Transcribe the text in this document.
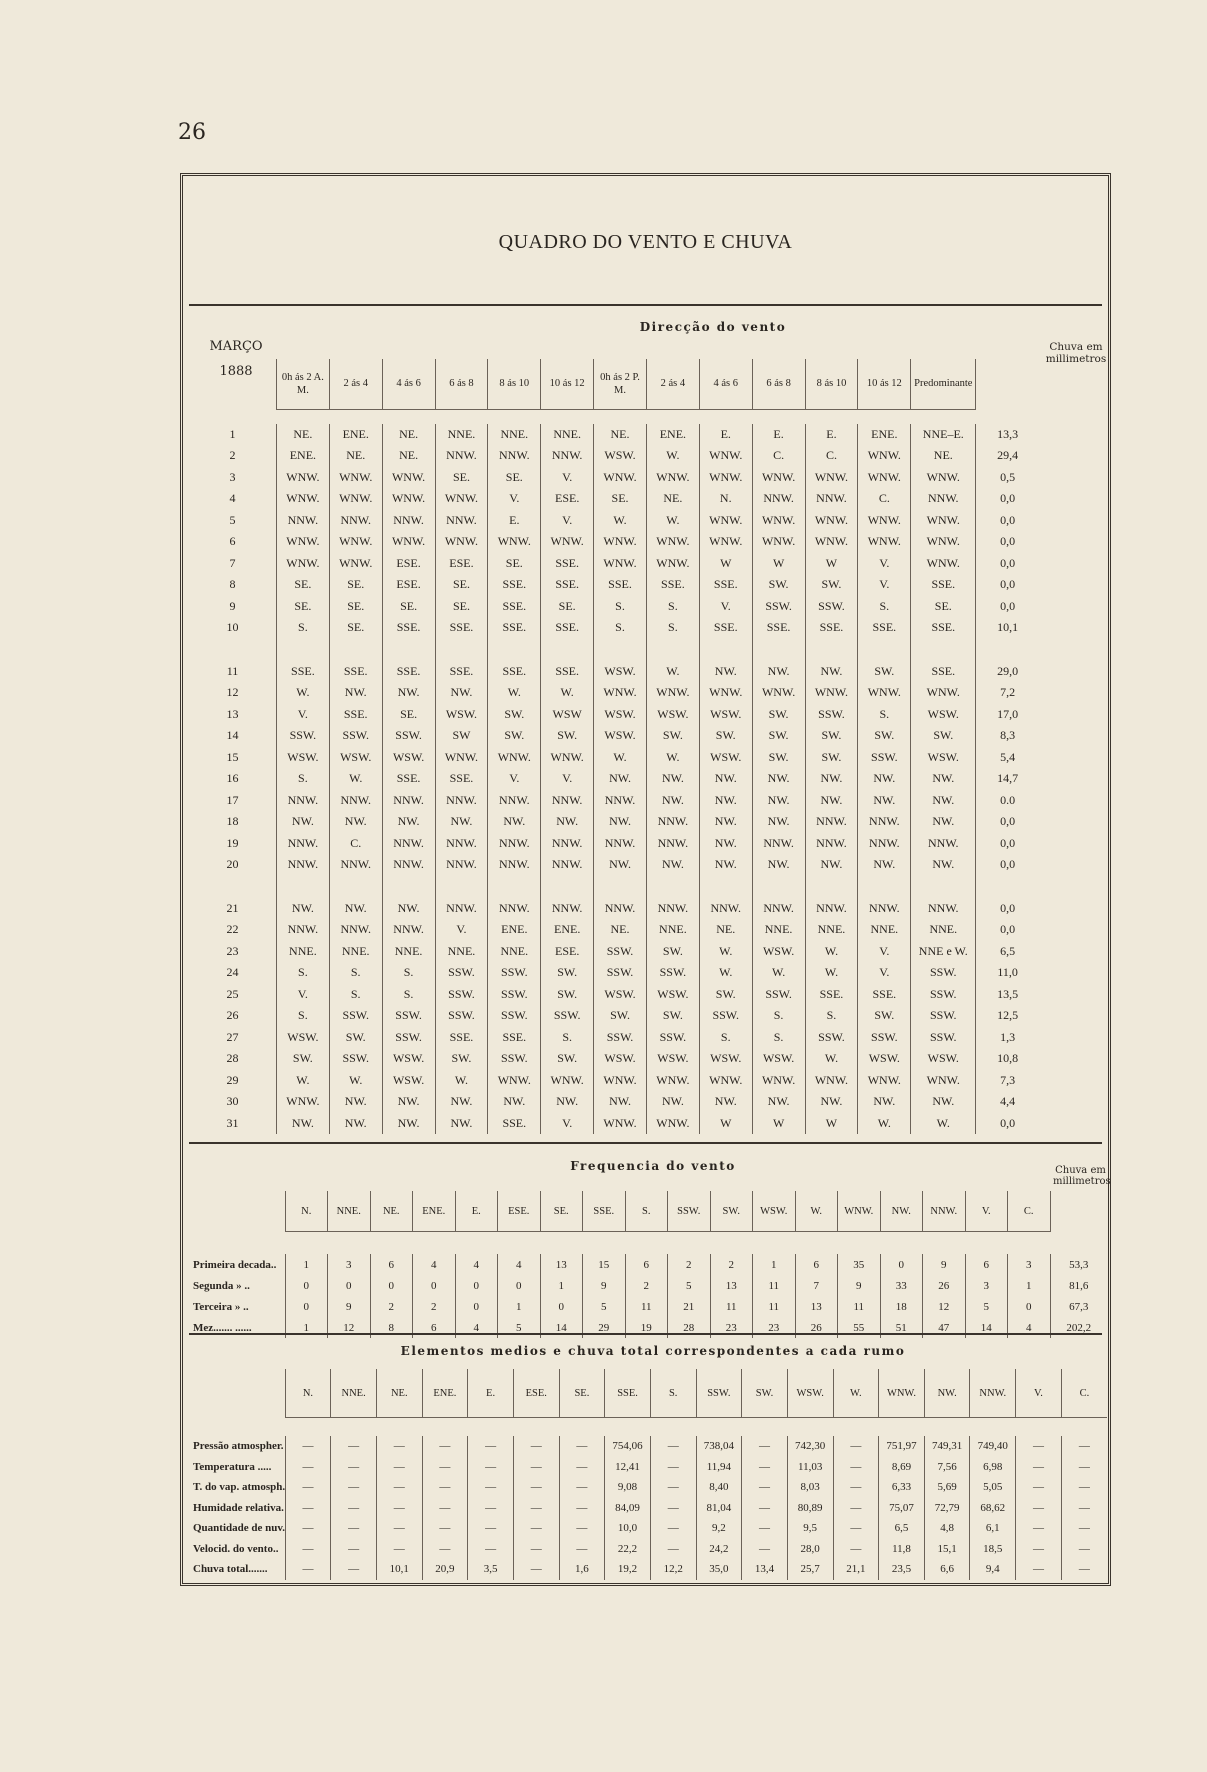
26
QUADRO DO VENTO E CHUVA
Direcção do vento
MARÇO
1888
Chuva em millimetros
	0h ás 2 A. M.	2 ás 4	4 ás 6	6 ás 8	8 ás 10	10 ás 12	0h ás 2 P. M.	2 ás 4	4 ás 6	6 ás 8	8 ás 10	10 ás 12	Predominante	

1	NE.	ENE.	NE.	NNE.	NNE.	NNE.	NE.	ENE.	E.	E.	E.	ENE.	NNE–E.	13,3
2	ENE.	NE.	NE.	NNW.	NNW.	NNW.	WSW.	W.	WNW.	C.	C.	WNW.	NE.	29,4
3	WNW.	WNW.	WNW.	SE.	SE.	V.	WNW.	WNW.	WNW.	WNW.	WNW.	WNW.	WNW.	0,5
4	WNW.	WNW.	WNW.	WNW.	V.	ESE.	SE.	NE.	N.	NNW.	NNW.	C.	NNW.	0,0
5	NNW.	NNW.	NNW.	NNW.	E.	V.	W.	W.	WNW.	WNW.	WNW.	WNW.	WNW.	0,0
6	WNW.	WNW.	WNW.	WNW.	WNW.	WNW.	WNW.	WNW.	WNW.	WNW.	WNW.	WNW.	WNW.	0,0
7	WNW.	WNW.	ESE.	ESE.	SE.	SSE.	WNW.	WNW.	W	W	W	V.	WNW.	0,0
8	SE.	SE.	ESE.	SE.	SSE.	SSE.	SSE.	SSE.	SSE.	SW.	SW.	V.	SSE.	0,0
9	SE.	SE.	SE.	SE.	SSE.	SE.	S.	S.	V.	SSW.	SSW.	S.	SE.	0,0
10	S.	SE.	SSE.	SSE.	SSE.	SSE.	S.	S.	SSE.	SSE.	SSE.	SSE.	SSE.	10,1

11	SSE.	SSE.	SSE.	SSE.	SSE.	SSE.	WSW.	W.	NW.	NW.	NW.	SW.	SSE.	29,0
12	W.	NW.	NW.	NW.	W.	W.	WNW.	WNW.	WNW.	WNW.	WNW.	WNW.	WNW.	7,2
13	V.	SSE.	SE.	WSW.	SW.	WSW	WSW.	WSW.	WSW.	SW.	SSW.	S.	WSW.	17,0
14	SSW.	SSW.	SSW.	SW	SW.	SW.	WSW.	SW.	SW.	SW.	SW.	SW.	SW.	8,3
15	WSW.	WSW.	WSW.	WNW.	WNW.	WNW.	W.	W.	WSW.	SW.	SW.	SSW.	WSW.	5,4
16	S.	W.	SSE.	SSE.	V.	V.	NW.	NW.	NW.	NW.	NW.	NW.	NW.	14,7
17	NNW.	NNW.	NNW.	NNW.	NNW.	NNW.	NNW.	NW.	NW.	NW.	NW.	NW.	NW.	0.0
18	NW.	NW.	NW.	NW.	NW.	NW.	NW.	NNW.	NW.	NW.	NNW.	NNW.	NW.	0,0
19	NNW.	C.	NNW.	NNW.	NNW.	NNW.	NNW.	NNW.	NW.	NNW.	NNW.	NNW.	NNW.	0,0
20	NNW.	NNW.	NNW.	NNW.	NNW.	NNW.	NW.	NW.	NW.	NW.	NW.	NW.	NW.	0,0

21	NW.	NW.	NW.	NNW.	NNW.	NNW.	NNW.	NNW.	NNW.	NNW.	NNW.	NNW.	NNW.	0,0
22	NNW.	NNW.	NNW.	V.	ENE.	ENE.	NE.	NNE.	NE.	NNE.	NNE.	NNE.	NNE.	0,0
23	NNE.	NNE.	NNE.	NNE.	NNE.	ESE.	SSW.	SW.	W.	WSW.	W.	V.	NNE e W.	6,5
24	S.	S.	S.	SSW.	SSW.	SW.	SSW.	SSW.	W.	W.	W.	V.	SSW.	11,0
25	V.	S.	S.	SSW.	SSW.	SW.	WSW.	WSW.	SW.	SSW.	SSE.	SSE.	SSW.	13,5
26	S.	SSW.	SSW.	SSW.	SSW.	SSW.	SW.	SW.	SSW.	S.	S.	SW.	SSW.	12,5
27	WSW.	SW.	SSW.	SSE.	SSE.	S.	SSW.	SSW.	S.	S.	SSW.	SSW.	SSW.	1,3
28	SW.	SSW.	WSW.	SW.	SSW.	SW.	WSW.	WSW.	WSW.	WSW.	W.	WSW.	WSW.	10,8
29	W.	W.	WSW.	W.	WNW.	WNW.	WNW.	WNW.	WNW.	WNW.	WNW.	WNW.	WNW.	7,3
30	WNW.	NW.	NW.	NW.	NW.	NW.	NW.	NW.	NW.	NW.	NW.	NW.	NW.	4,4
31	NW.	NW.	NW.	NW.	SSE.	V.	WNW.	WNW.	W	W	W	W.	W.	0,0
Frequencia do vento	Chuva em millimetros
	N.	NNE.	NE.	ENE.	E.	ESE.	SE.	SSE.	S.	SSW.	SW.	WSW.	W.	WNW.	NW.	NNW.	V.	C.	

Primeira decada..	1	3	6	4	4	4	13	15	6	2	2	1	6	35	0	9	6	3	53,3
Segunda » ..	0	0	0	0	0	0	1	9	2	5	13	11	7	9	33	26	3	1	81,6
Terceira » ..	0	9	2	2	0	1	0	5	11	21	11	11	13	11	18	12	5	0	67,3
Mez....... ......	1	12	8	6	4	5	14	29	19	28	23	23	26	55	51	47	14	4	202,2
Elementos medios e chuva total correspondentes a cada rumo
	N.	NNE.	NE.	ENE.	E.	ESE.	SE.	SSE.	S.	SSW.	SW.	WSW.	W.	WNW.	NW.	NNW.	V.	C.

Pressão atmospher.	—	—	—	—	—	—	—	754,06	—	738,04	—	742,30	—	751,97	749,31	749,40	—	—
Temperatura .....	—	—	—	—	—	—	—	12,41	—	11,94	—	11,03	—	8,69	7,56	6,98	—	—
T. do vap. atmosph.	—	—	—	—	—	—	—	9,08	—	8,40	—	8,03	—	6,33	5,69	5,05	—	—
Humidade relativa.	—	—	—	—	—	—	—	84,09	—	81,04	—	80,89	—	75,07	72,79	68,62	—	—
Quantidade de nuv.	—	—	—	—	—	—	—	10,0	—	9,2	—	9,5	—	6,5	4,8	6,1	—	—
Velocid. do vento..	—	—	—	—	—	—	—	22,2	—	24,2	—	28,0	—	11,8	15,1	18,5	—	—
Chuva total.......	—	—	10,1	20,9	3,5	—	1,6	19,2	12,2	35,0	13,4	25,7	21,1	23,5	6,6	9,4	—	—
